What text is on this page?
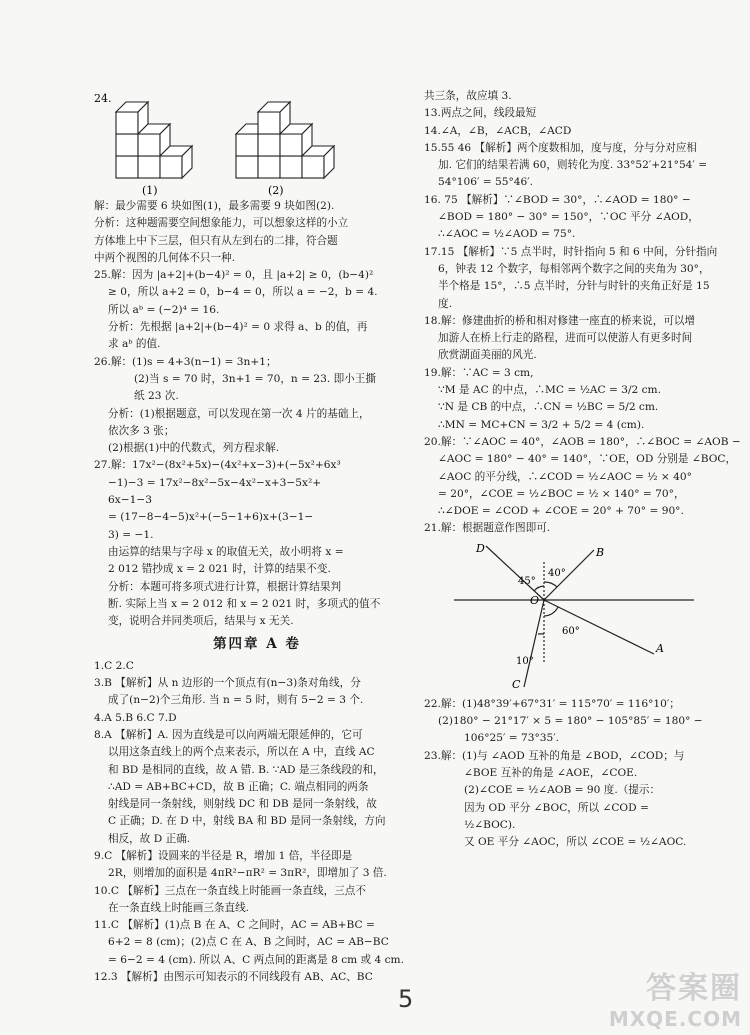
24.
(1)	(2)
解：最少需要 6 块如图(1)，最多需要 9 块如图(2).
分析：这种题需要空间想象能力，可以想象这样的小立
方体堆上中下三层，但只有从左到右的二排，符合题
中两个视图的几何体不只一种.
25.解：因为 |a+2|+(b−4)² = 0，且 |a+2| ≥ 0，(b−4)²
≥ 0，所以 a+2 = 0，b−4 = 0，所以 a = −2，b = 4.
所以 aᵇ = (−2)⁴ = 16.
分析：先根据 |a+2|+(b−4)² = 0 求得 a、b 的值，再
求 aᵇ 的值.
26.解：(1)s = 4+3(n−1) = 3n+1；
(2)当 s = 70 时，3n+1 = 70，n = 23. 即小王撕
纸 23 次.
分析：(1)根据题意，可以发现在第一次 4 片的基础上，
依次多 3 张；
(2)根据(1)中的代数式，列方程求解.
27.解：17x²−(8x²+5x)−(4x²+x−3)+(−5x²+6x³
−1)−3 = 17x²−8x²−5x−4x²−x+3−5x²+
6x−1−3
= (17−8−4−5)x²+(−5−1+6)x+(3−1−
3) = −1.
由运算的结果与字母 x 的取值无关，故小明将 x =
2 012 错抄成 x = 2 021 时，计算的结果不变.
分析：本题可将多项式进行计算，根据计算结果判
断. 实际上当 x = 2 012 和 x = 2 021 时，多项式的值不
变，说明合并同类项后，结果与 x 无关.
第四章 A 卷
1.C 2.C
3.B 【解析】从 n 边形的一个顶点有(n−3)条对角线，分
成了(n−2)个三角形. 当 n = 5 时，则有 5−2 = 3 个.
4.A 5.B 6.C 7.D
8.A 【解析】A. 因为直线是可以向两端无限延伸的，它可
以用这条直线上的两个点来表示，所以在 A 中，直线 AC
和 BD 是相同的直线，故 A 错. B. ∵AD 是三条线段的和，
∴AD = AB+BC+CD，故 B 正确；C. 端点相同的两条
射线是同一条射线，则射线 DC 和 DB 是同一条射线，故
C 正确；D. 在 D 中，射线 BA 和 BD 是同一条射线，方向
相反，故 D 正确.
9.C 【解析】设圆来的半径是 R，增加 1 倍，半径即是
2R，则增加的面积是 4πR²−πR² = 3πR²，即增加了 3 倍.
10.C 【解析】三点在一条直线上时能画一条直线，三点不
在一条直线上时能画三条直线.
11.C 【解析】(1)点 B 在 A、C 之间时，AC = AB+BC =
6+2 = 8 (cm)；(2)点 C 在 A、B 之间时，AC = AB−BC
= 6−2 = 4 (cm). 所以 A、C 两点间的距离是 8 cm 或 4 cm.
12.3 【解析】由图示可知表示的不同线段有 AB、AC、BC
共三条，故应填 3.
13.两点之间，线段最短
14.∠A，∠B，∠ACB，∠ACD
15.55 46 【解析】两个度数相加，度与度，分与分对应相
加. 它们的结果若满 60，则转化为度. 33°52′+21°54′ =
54°106′ = 55°46′.
16. 75 【解析】∵∠BOD = 30°，∴∠AOD = 180° −
∠BOD = 180° − 30° = 150°，∵OC 平分 ∠AOD，
∴∠AOC = ½∠AOD = 75°.
17.15 【解析】∵5 点半时，时针指向 5 和 6 中间，分针指向
6，钟表 12 个数字，每相邻两个数字之间的夹角为 30°，
半个格是 15°，∴5 点半时，分针与时针的夹角正好是 15
度.
18.解：修建曲折的桥和相对修建一座直的桥来说，可以增
加游人在桥上行走的路程，进而可以使游人有更多时间
欣赏湖面美丽的风光.
19.解：∵AC = 3 cm,
∵M 是 AC 的中点，∴MC = ½AC = 3/2 cm.
∵N 是 CB 的中点，∴CN = ½BC = 5/2 cm.
∴MN = MC+CN = 3/2 + 5/2 = 4 (cm).
20.解：∵∠AOC = 40°，∠AOB = 180°，∴∠BOC = ∠AOB −
∠AOC = 180° − 40° = 140°，∵OE，OD 分别是 ∠BOC，
∠AOC 的平分线，∴∠COD = ½∠AOC = ½ × 40°
= 20°，∠COE = ½∠BOC = ½ × 140° = 70°，
∴∠DOE = ∠COD + ∠COE = 20° + 70° = 90°.
21.解：根据题意作图即可.
D	B
O
A
C
45°
40°
60°
10°
22.解：(1)48°39′+67°31′ = 115°70′ = 116°10′；
(2)180° − 21°17′ × 5 = 180° − 105°85′ = 180° −
106°25′ = 73°35′.
23.解：(1)与 ∠AOD 互补的角是 ∠BOD，∠COD；与
∠BOE 互补的角是 ∠AOE，∠COE.
(2)∠COE = ½∠AOB = 90 度.（提示：
因为 OD 平分 ∠BOC，所以 ∠COD =
½∠BOC).
又 OE 平分 ∠AOC，所以 ∠COE = ½∠AOC.
5	答案圈
MXQE.COM
